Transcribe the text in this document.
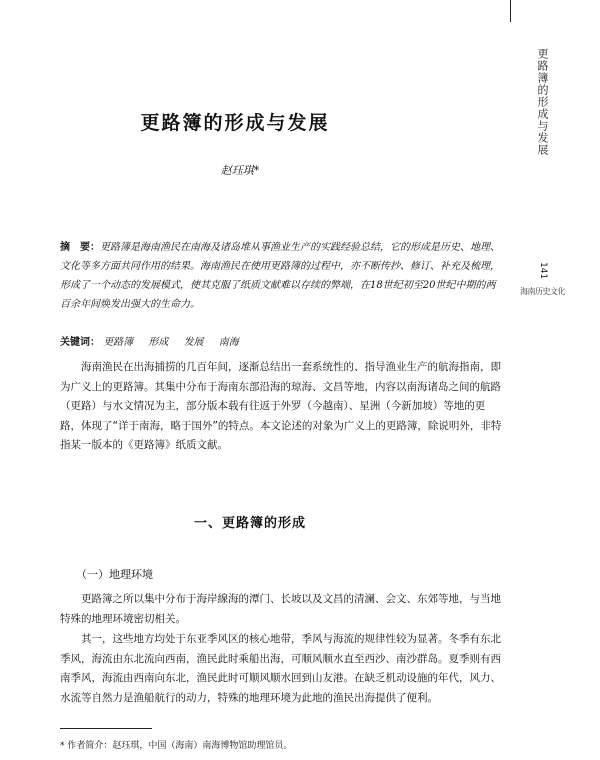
更路簿的形成与发展
141
海南历史文化
更路簿的形成与发展
赵珏琪*
摘　要：更路簿是海南渔民在南海及诸岛堆从事渔业生产的实践经验总结，它的形成是历史、地理、文化等多方面共同作用的结果。海南渔民在使用更路簿的过程中，亦不断传抄、修订、补充及梳理，形成了一个动态的发展模式，使其克服了纸质文献难以存续的弊端，在18世纪初至20世纪中期的两百余年间焕发出强大的生命力。
关键词： 更路簿 形成 发展 南海

海南渔民在出海捕捞的几百年间，逐渐总结出一套系统性的、指导渔业生产的航海指南，即为广义上的更路簿。其集中分布于海南东部沿海的琼海、文昌等地，内容以南海诸岛之间的航路（更路）与水文情况为主，部分版本载有往返于外罗（今越南）、星洲（今新加坡）等地的更路，体现了“详于南海，略于国外”的特点。本文论述的对象为广义上的更路簿，除说明外，非特指某一版本的《更路簿》纸质文献。

一、更路簿的形成
（一）地理环境

更路簿之所以集中分布于海岸線海的潭门、长坡以及文昌的清澜、会文、东郊等地，与当地特殊的地理环境密切相关。

其一，这些地方均处于东亚季风区的核心地带，季风与海流的规律性较为显著。冬季有东北季风，海流由东北流向西南，渔民此时乘船出海，可顺风顺水直至西沙、南沙群岛。夏季则有西南季风，海流由西南向东北，渔民此时可顺风顺水回到山友港。在缺乏机动设施的年代，风力、水流等自然力是渔船航行的动力，特殊的地理环境为此地的渔民出海提供了便利。

* 作者简介：赵珏琪，中国（海南）南海博物馆助理馆员。
